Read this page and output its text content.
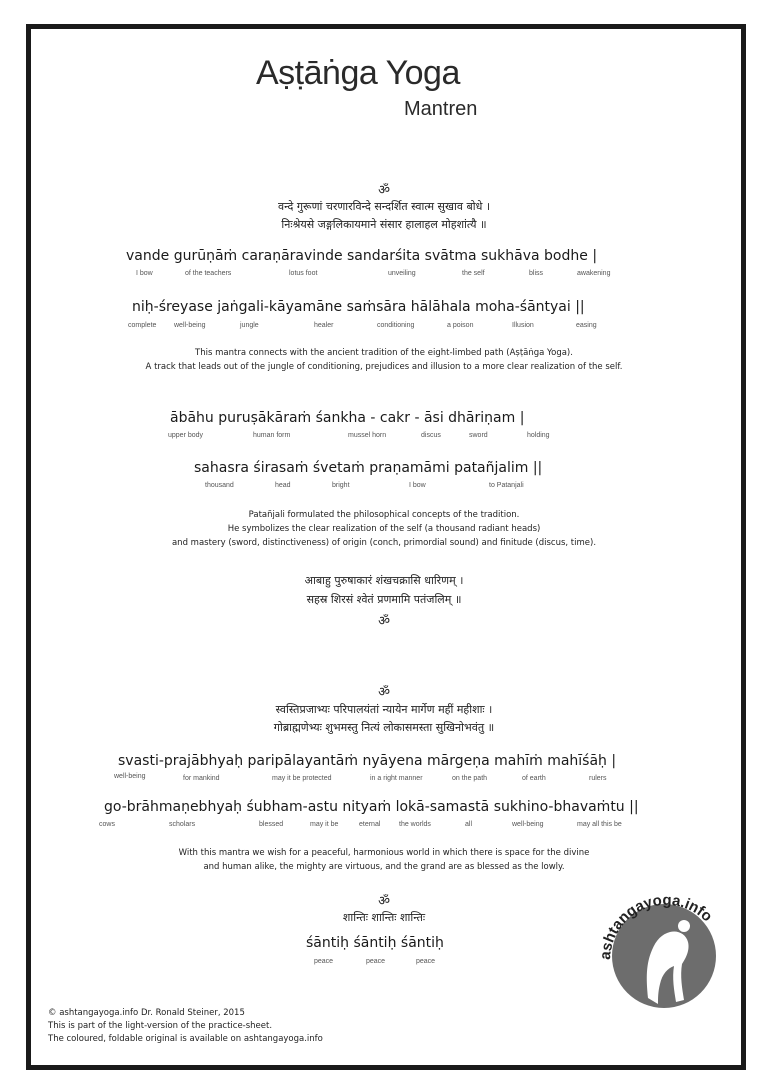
Aṣṭāṅga Yoga
Mantren
ॐ
वन्दे गुरूणां चरणारविन्दे सन्दर्शित स्वात्म सुखाव बोधे ।
निःश्रेयसे जङ्गलिकायमाने संसार हालाहल मोहशांत्यै ॥
vande gurūṇāṁ caraṇāravinde sandarśita svātma sukhāva bodhe |
I bow	of the teachers	lotus foot	unveiling	the self	bliss	awakening
niḥ-śreyase jaṅgali-kāyamāne saṁsāra hālāhala moha-śāntyai ||
complete	well-being	jungle	healer	conditioning	a poison	Illusion	easing
This mantra connects with the ancient tradition of the eight-limbed path (Aṣṭāṅga Yoga).
A track that leads out of the jungle of conditioning, prejudices and illusion to a more clear realization of the self.
ābāhu puruṣākāraṁ śankha - cakr - āsi dhāriṇam |
upper body	human form	mussel horn	discus	sword	holding
sahasra śirasaṁ śvetaṁ praṇamāmi patañjalim ||
thousand	head	bright	I bow	to Patanjali
Patañjali formulated the philosophical concepts of the tradition.
He symbolizes the clear realization of the self (a thousand radiant heads)
and mastery (sword, distinctiveness) of origin (conch, primordial sound) and finitude (discus, time).
आबाहु पुरुषाकारं शंखचक्रासि धारिणम् ।
सहस्र शिरसं श्वेतं प्रणमामि पतंजलिम् ॥
ॐ
ॐ
स्वस्तिप्रजाभ्यः परिपालयंतां न्यायेन मार्गेण महीं महीशाः ।
गोब्राह्मणेभ्यः शुभमस्तु नित्यं लोकासमस्ता सुखिनोभवंतु ॥
svasti-prajābhyaḥ paripālayantāṁ nyāyena mārgeṇa mahīṁ mahīśāḥ |
well-being	for mankind	may it be protected	in a right manner	on the path	of earth	rulers
go-brāhmaṇebhyaḥ śubham-astu nityaṁ lokā-samastā sukhino-bhavaṁtu ||
cows	scholars	blessed	may it be	eternal	the worlds	all	well-being	may all this be
With this mantra we wish for a peaceful, harmonious world in which there is space for the divine
and human alike, the mighty are virtuous, and the grand are as blessed as the lowly.
ॐ
शान्तिः शान्तिः शान्तिः
śāntiḥ śāntiḥ śāntiḥ
peace	peace	peace
© ashtangayoga.info Dr. Ronald Steiner, 2015
This is part of the light-version of the practice-sheet.
The coloured, foldable original is available on ashtangayoga.info
ashtangayoga.info
